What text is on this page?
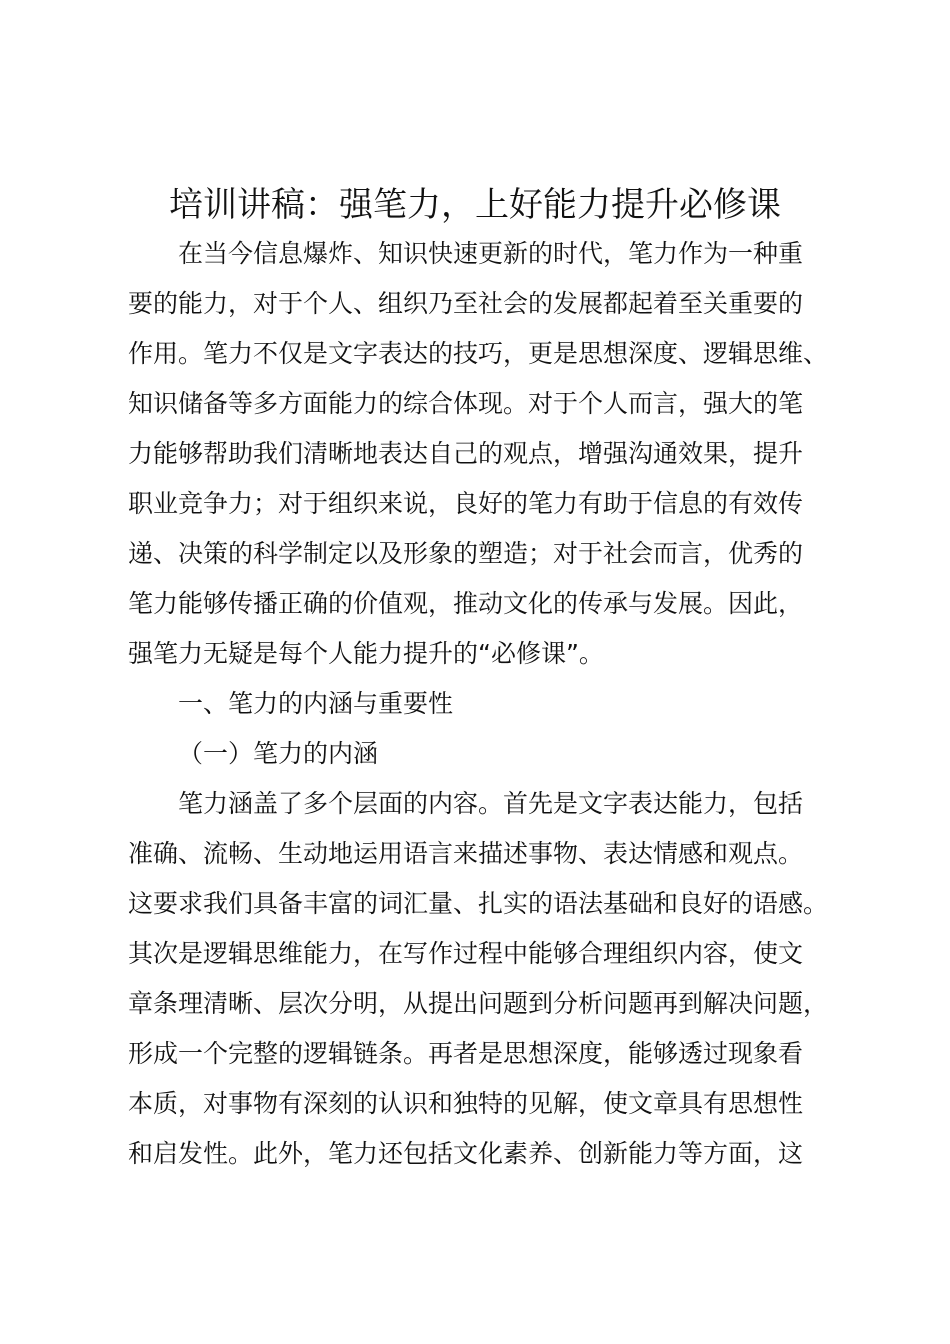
培训讲稿：强笔力，上好能力提升必修课
在当今信息爆炸、知识快速更新的时代，笔力作为一种重
要的能力，对于个人、组织乃至社会的发展都起着至关重要的
作用。笔力不仅是文字表达的技巧，更是思想深度、逻辑思维、
知识储备等多方面能力的综合体现。对于个人而言，强大的笔
力能够帮助我们清晰地表达自己的观点，增强沟通效果，提升
职业竞争力；对于组织来说，良好的笔力有助于信息的有效传
递、决策的科学制定以及形象的塑造；对于社会而言，优秀的
笔力能够传播正确的价值观，推动文化的传承与发展。因此，
强笔力无疑是每个人能力提升的“必修课”。
一、笔力的内涵与重要性
（一）笔力的内涵
笔力涵盖了多个层面的内容。首先是文字表达能力，包括
准确、流畅、生动地运用语言来描述事物、表达情感和观点。
这要求我们具备丰富的词汇量、扎实的语法基础和良好的语感。
其次是逻辑思维能力，在写作过程中能够合理组织内容，使文
章条理清晰、层次分明，从提出问题到分析问题再到解决问题，
形成一个完整的逻辑链条。再者是思想深度，能够透过现象看
本质，对事物有深刻的认识和独特的见解，使文章具有思想性
和启发性。此外，笔力还包括文化素养、创新能力等方面，这
